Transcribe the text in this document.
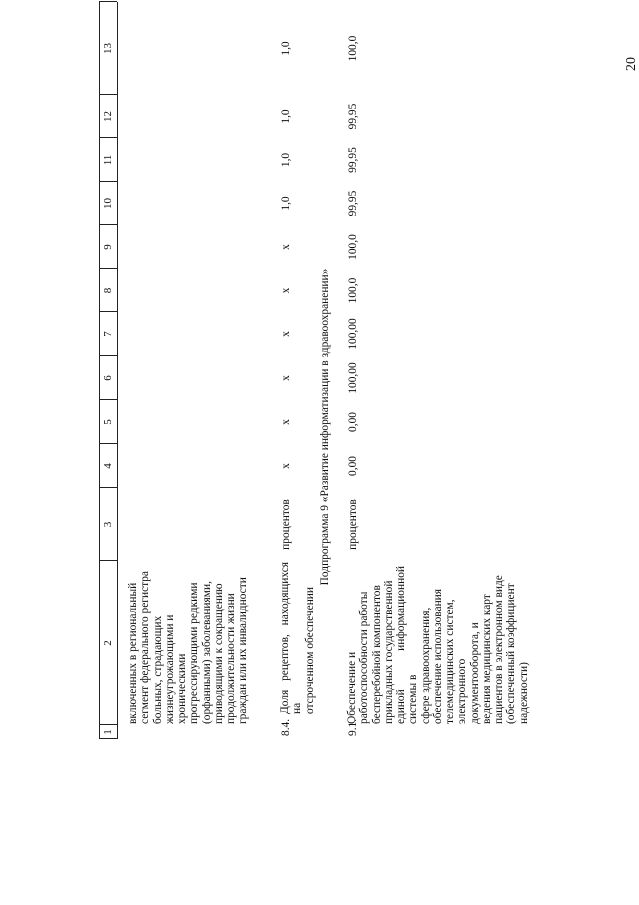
20
1
2
3
4
5
6
7
8
9
10
11
12
13
включенных в региональный сегмент федерального регистра больных, страдающих жизнеугрожающими и хроническими прогрессирующими редкими (орфанными) заболеваниями, приводящими к сокращению продолжительности жизни граждан или их инвалидности
8.4.
Доля рецептов, находящихся на отсроченном обеспечении
процентов
x
x
x
x
x
x
1,0
1,0
1,0
1,0
Подпрограмма 9 «Развитие информатизации в здравоохранении»
9.1.
Обеспечение и работоспособности работы бесперебойной компонентов прикладных государственной единой информационной системы в сфере здравоохранения, обеспечение использования телемедицинских систем, электронного документооборота, и ведения медицинских карт пациентов в электронном виде (обеспеченный коэффициент надежности)
процентов
0,00
0,00
100,00
100,00
100,0
100,0
99,95
99,95
99,95
100,0
